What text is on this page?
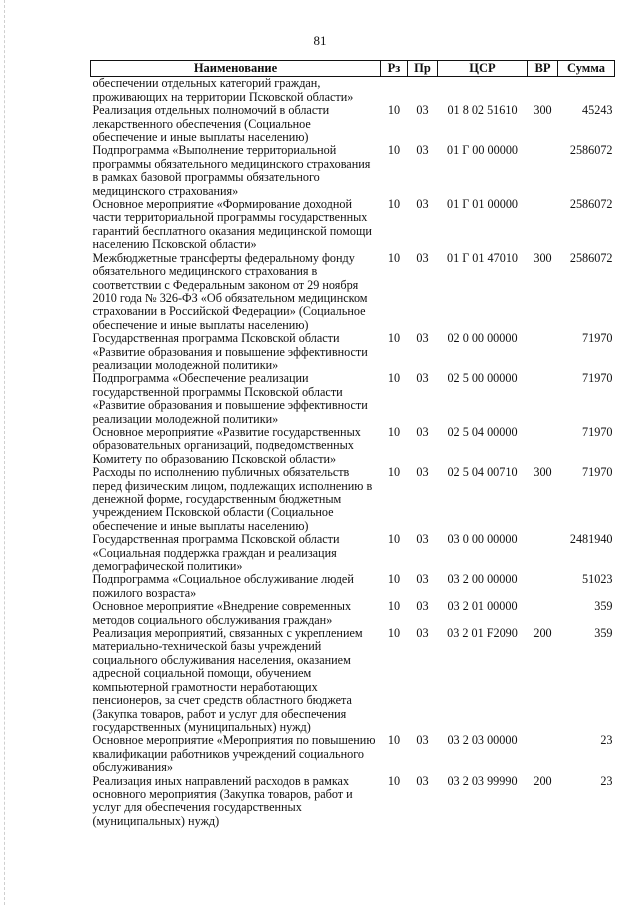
81
Наименование	Рз	Пр	ЦСР	ВР	Сумма
обеспечении отдельных категорий граждан, проживающих на территории Псковской области»					
Реализация отдельных полномочий в области лекарственного обеспечения (Социальное обеспечение и иные выплаты населению)	10	03	01 8 02 51610	300	45243
Подпрограмма «Выполнение территориальной программы обязательного медицинского страхования в рамках базовой программы обязательного медицинского страхования»	10	03	01 Г 00 00000		2586072
Основное мероприятие «Формирование доходной части территориальной программы государственных гарантий бесплатного оказания медицинской помощи населению Псковской области»	10	03	01 Г 01 00000		2586072
Межбюджетные трансферты федеральному фонду обязательного медицинского страхования в соответствии с Федеральным законом от 29 ноября 2010 года № 326-ФЗ «Об обязательном медицинском страховании в Российской Федерации» (Социальное обеспечение и иные выплаты населению)	10	03	01 Г 01 47010	300	2586072
Государственная программа Псковской области «Развитие образования и повышение эффективности реализации молодежной политики»	10	03	02 0 00 00000		71970
Подпрограмма «Обеспечение реализации государственной программы Псковской области «Развитие образования и повышение эффективности реализации молодежной политики»	10	03	02 5 00 00000		71970
Основное мероприятие «Развитие государственных образовательных организаций, подведомственных Комитету по образованию Псковской области»	10	03	02 5 04 00000		71970
Расходы по исполнению публичных обязательств перед физическим лицом, подлежащих исполнению в денежной форме, государственным бюджетным учреждением Псковской области (Социальное обеспечение и иные выплаты населению)	10	03	02 5 04 00710	300	71970
Государственная программа Псковской области «Социальная поддержка граждан и реализация демографической политики»	10	03	03 0 00 00000		2481940
Подпрограмма «Социальное обслуживание людей пожилого возраста»	10	03	03 2 00 00000		51023
Основное мероприятие «Внедрение современных методов социального обслуживания граждан»	10	03	03 2 01 00000		359
Реализация мероприятий, связанных с укреплением материально-технической базы учреждений социального обслуживания населения, оказанием адресной социальной помощи, обучением компьютерной грамотности неработающих пенсионеров, за счет средств областного бюджета (Закупка товаров, работ и услуг для обеспечения государственных (муниципальных) нужд)	10	03	03 2 01 F2090	200	359
Основное мероприятие «Мероприятия по повышению квалификации работников учреждений социального обслуживания»	10	03	03 2 03 00000		23
Реализация иных направлений расходов в рамках основного мероприятия (Закупка товаров, работ и услуг для обеспечения государственных (муниципальных) нужд)	10	03	03 2 03 99990	200	23
